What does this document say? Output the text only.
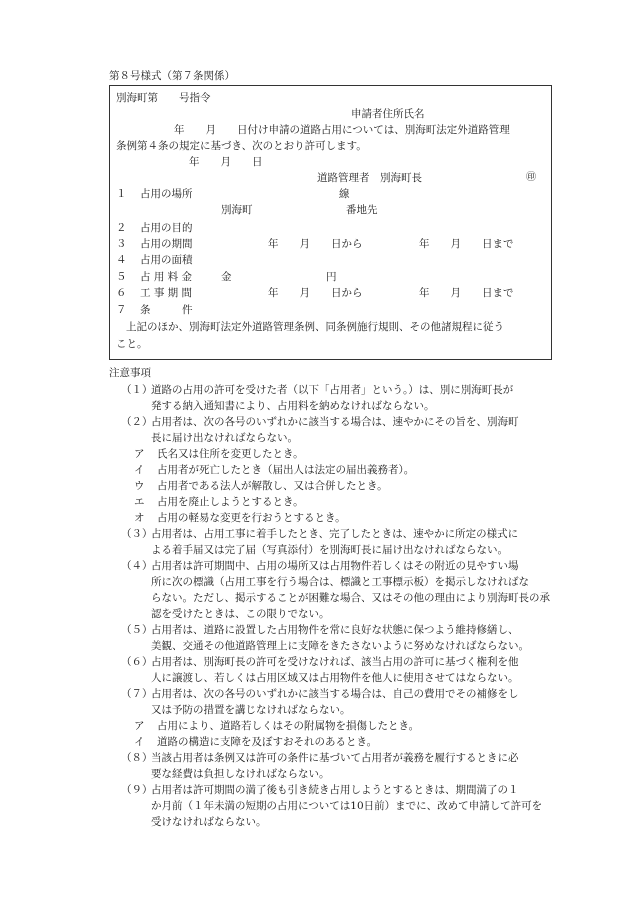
第８号様式（第７条関係）
別海町第　　号指令
申請者住所氏名
年　　月　　日付け申請の道路占用については、別海町法定外道路管理
条例第４条の規定に基づき、次のとおり許可します。
年　　月　　日
道路管理者　別海町長	㊞
１ 占用の場所	線
別海町	番地先
２ 占用の目的
３ 占用の期間	年　　月　　日から	年　　月　　日まで
４ 占用の面積
５ 占 用 料 金	金	円
６ 工 事 期 間	年　　月　　日から	年　　月　　日まで
７ 条　　　件
上記のほか、別海町法定外道路管理条例、同条例施行規則、その他諸規程に従う
こと。
注意事項
（１）
道路の占用の許可を受けた者（以下「占用者」という。）は、別に別海町長が
発する納入通知書により、占用料を納めなければならない。
（２）
占用者は、次の各号のいずれかに該当する場合は、速やかにその旨を、別海町
長に届け出なければならない。
ア 氏名又は住所を変更したとき。
イ 占用者が死亡したとき（届出人は法定の届出義務者）。
ウ 占用者である法人が解散し、又は合併したとき。
エ 占用を廃止しようとするとき。
オ 占用の軽易な変更を行おうとするとき。
（３）
占用者は、占用工事に着手したとき、完了したときは、速やかに所定の様式に
よる着手届又は完了届（写真添付）を別海町長に届け出なければならない。
（４）
占用者は許可期間中、占用の場所又は占用物件若しくはその附近の見やすい場
所に次の標識（占用工事を行う場合は、標識と工事標示板）を掲示しなければな
らない。ただし、掲示することが困難な場合、又はその他の理由により別海町長の承
認を受けたときは、この限りでない。
（５）
占用者は、道路に設置した占用物件を常に良好な状態に保つよう維持修繕し、
美観、交通その他道路管理上に支障をきたさないように努めなければならない。
（６）
占用者は、別海町長の許可を受けなければ、該当占用の許可に基づく権利を他
人に譲渡し、若しくは占用区域又は占用物件を他人に使用させてはならない。
（７）
占用者は、次の各号のいずれかに該当する場合は、自己の費用でその補修をし
又は予防の措置を講じなければならない。
ア 占用により、道路若しくはその附属物を損傷したとき。
イ 道路の構造に支障を及ぼすおそれのあるとき。
（８）
当該占用者は条例又は許可の条件に基づいて占用者が義務を履行するときに必
要な経費は負担しなければならない。
（９）
占用者は許可期間の満了後も引き続き占用しようとするときは、期間満了の１
か月前（１年未満の短期の占用については10日前）までに、改めて申請して許可を
受けなければならない。
